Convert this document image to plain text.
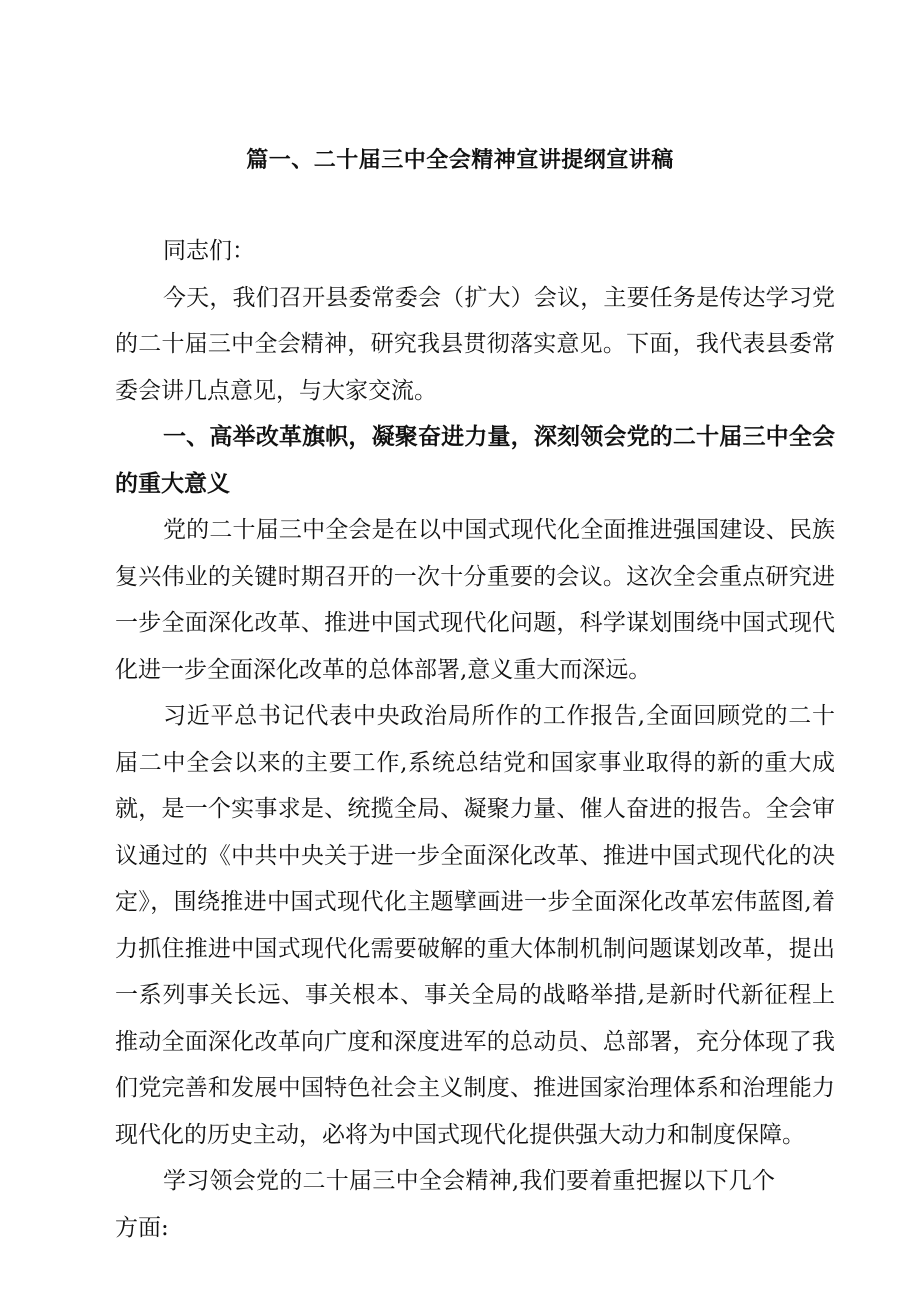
篇一、二十届三中全会精神宣讲提纲宣讲稿

同志们：

今天，我们召开县委常委会（扩大）会议，主要任务是传达学习党的二十届三中全会精神，研究我县贯彻落实意见。下面，我代表县委常委会讲几点意见，与大家交流。

一、高举改革旗帜，凝聚奋进力量，深刻领会党的二十届三中全会的重大意义

党的二十届三中全会是在以中国式现代化全面推进强国建设、民族复兴伟业的关键时期召开的一次十分重要的会议。这次全会重点研究进一步全面深化改革、推进中国式现代化问题，科学谋划围绕中国式现代化进一步全面深化改革的总体部署,意义重大而深远。

习近平总书记代表中央政治局所作的工作报告,全面回顾党的二十届二中全会以来的主要工作,系统总结党和国家事业取得的新的重大成就，是一个实事求是、统揽全局、凝聚力量、催人奋进的报告。全会审议通过的《中共中央关于进一步全面深化改革、推进中国式现代化的决定》，围绕推进中国式现代化主题擘画进一步全面深化改革宏伟蓝图,着力抓住推进中国式现代化需要破解的重大体制机制问题谋划改革，提出一系列事关长远、事关根本、事关全局的战略举措,是新时代新征程上推动全面深化改革向广度和深度进军的总动员、总部署，充分体现了我们党完善和发展中国特色社会主义制度、推进国家治理体系和治理能力现代化的历史主动，必将为中国式现代化提供强大动力和制度保障。

学习领会党的二十届三中全会精神,我们要着重把握以下几个方面:
